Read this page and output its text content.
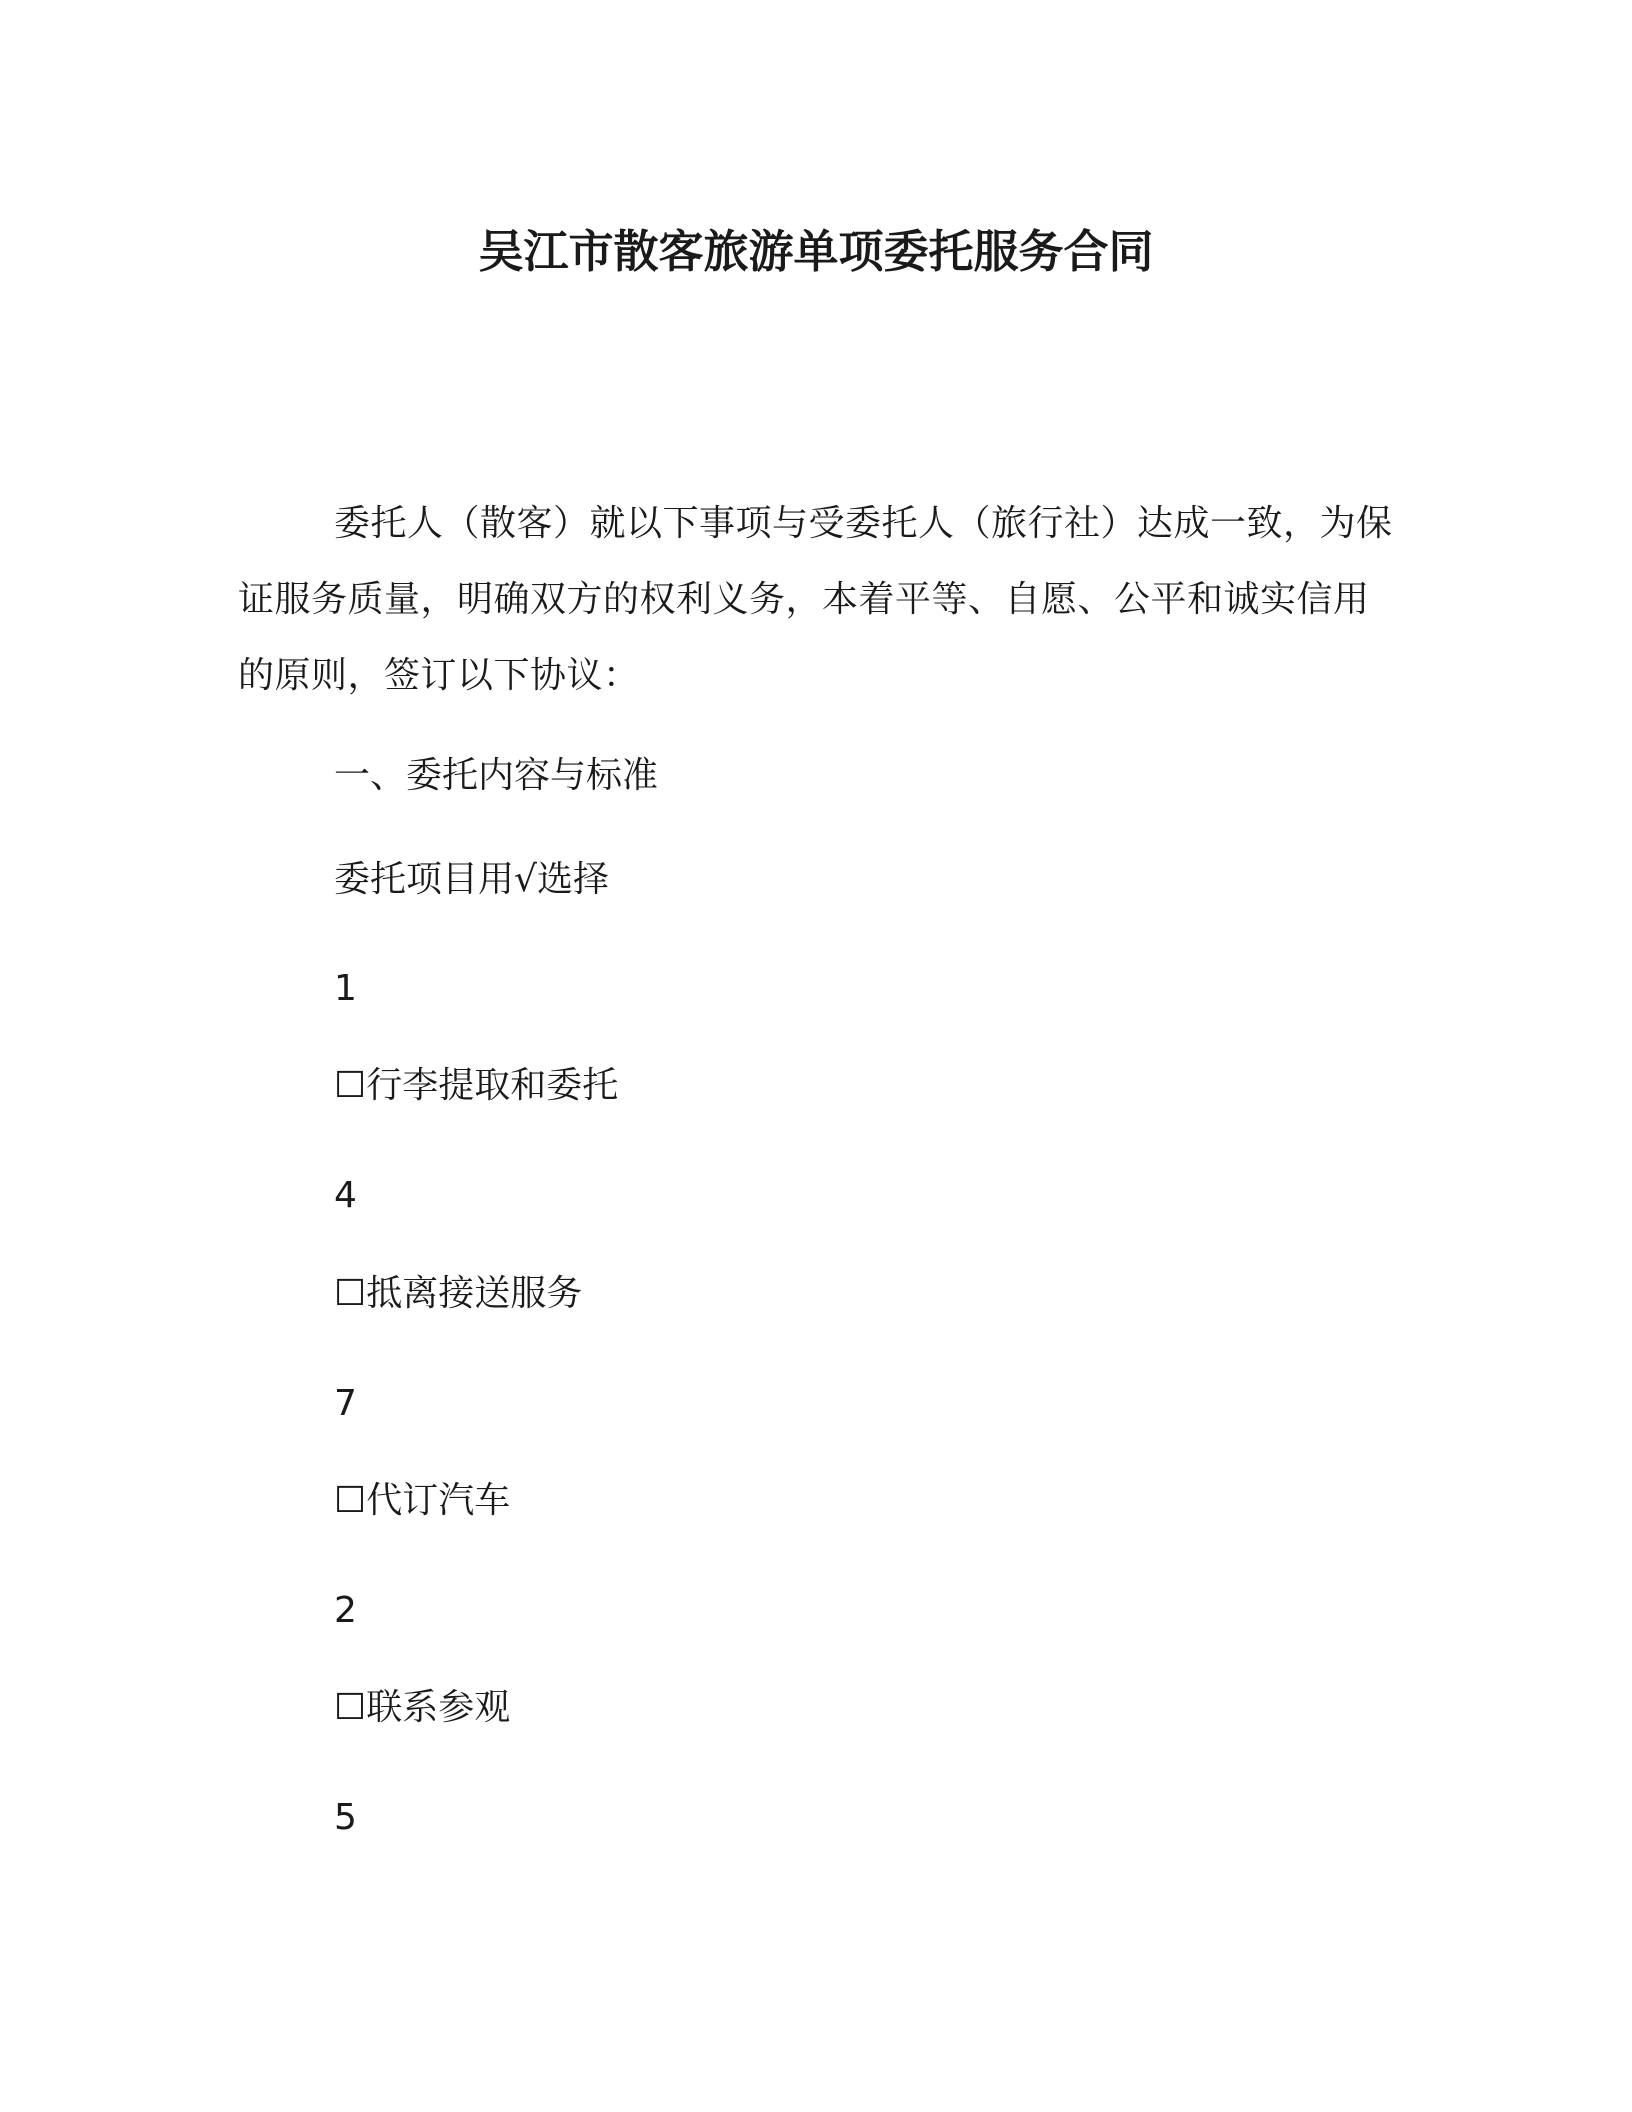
吴江市散客旅游单项委托服务合同
委托人（散客）就以下事项与受委托人（旅行社）达成一致，为保证服务质量，明确双方的权利义务，本着平等、自愿、公平和诚实信用的原则，签订以下协议：
一、委托内容与标准
委托项目用√选择
1
☐行李提取和委托
4
☐抵离接送服务
7
☐代订汽车
2
☐联系参观
5
